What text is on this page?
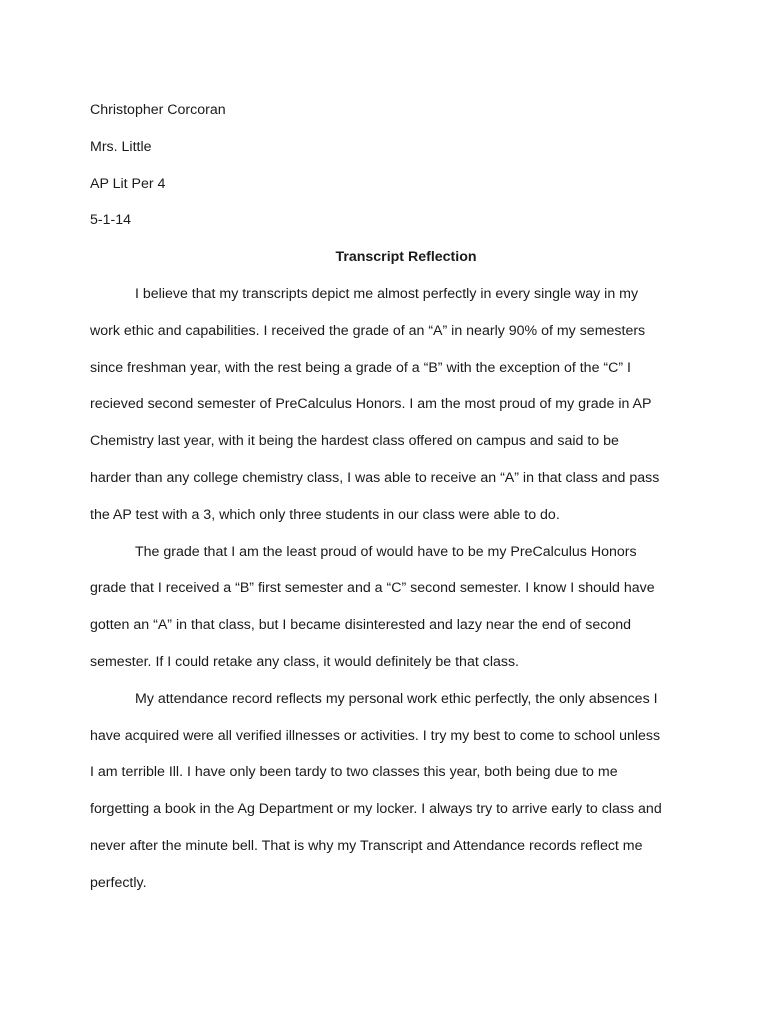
Christopher Corcoran

Mrs. Little

AP Lit Per 4

5-1-14

Transcript Reflection

I believe that my transcripts depict me almost perfectly in every single way in my
work ethic and capabilities. I received the grade of an “A” in nearly 90% of my semesters
since freshman year, with the rest being a grade of a “B” with the exception of the “C” I
recieved second semester of PreCalculus Honors. I am the most proud of my grade in AP
Chemistry last year, with it being the hardest class offered on campus and said to be
harder than any college chemistry class, I was able to receive an “A” in that class and pass
the AP test with a 3, which only three students in our class were able to do.
The grade that I am the least proud of would have to be my PreCalculus Honors
grade that I received a “B” first semester and a “C” second semester. I know I should have
gotten an “A” in that class, but I became disinterested and lazy near the end of second
semester. If I could retake any class, it would definitely be that class.
My attendance record reflects my personal work ethic perfectly, the only absences I
have acquired were all verified illnesses or activities. I try my best to come to school unless
I am terrible Ill. I have only been tardy to two classes this year, both being due to me
forgetting a book in the Ag Department or my locker. I always try to arrive early to class and
never after the minute bell. That is why my Transcript and Attendance records reflect me
perfectly.
